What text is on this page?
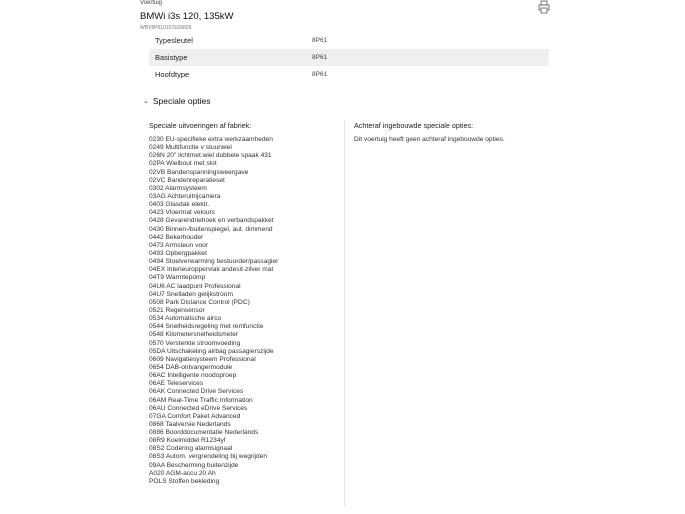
Voertuig
BMWi i3s 120, 135kW
WBY8P610107E09826
Typesleutel	8P61
Basistype	8P61
Hoofdtype	8P61
⌄ Speciale opties
Speciale uitvoeringen af fabriek:
0230 EU-specifieke extra werkzaamheden
0249 Multifunctie v stuurwiel
026N 20" lichtmet.wiel dubbele spaak 431
02PA Wielbout met slot
02VB Bandenspanningsweergave
02VC Bandenreparatieset
0302 Alarmsysteem
03AG Achteruitrijcamera
0403 Glasdak elektr.
0423 Vloermat velours
0428 Gevarendriehoek en verbandspakket
0430 Binnen-/buitenspiegel, aut. dimmend
0442 Bekerhouder
0473 Armsteun voor
0493 Opbergpakket
0494 Stoelverwarming bestuurder/passagier
04EX Interieuroppervlak andesit-zilver mat
04T9 Warmtepomp
04U6 AC laadpunt Professional
04U7 Snelladen gelijkstroom
0508 Park Distance Control (PDC)
0521 Regensensor
0534 Automatische airco
0544 Snelheidsregeling met remfunctie
0548 Kilometersnelheidsmeter
0570 Versterkte stroomvoeding
05DA Uitschakeling airbag passagierszijde
0609 Navigatiesysteem Professional
0654 DAB-ontvangermodule
06AC Intelligente noodoproep
06AE Teleservices
06AK Connected Drive Services
06AM Real-Time Traffic Information
06AU Connected eDrive Services
07GA Comfort Paket Advanced
0868 Taalversie Nederlands
0886 Boorddocumentatie Nederlands
08R9 Koelmiddel R1234yf
08S2 Codering alarmsignaal
08S3 Autom. vergrendeling bij wegrijden
09AA Bescherming buitenzijde
A020 AGM-accu 20 Ah
POLS Stoffen bekleding
Achteraf ingebouwde speciale opties:
Dit voertuig heeft geen achteraf ingebouwde opties.
